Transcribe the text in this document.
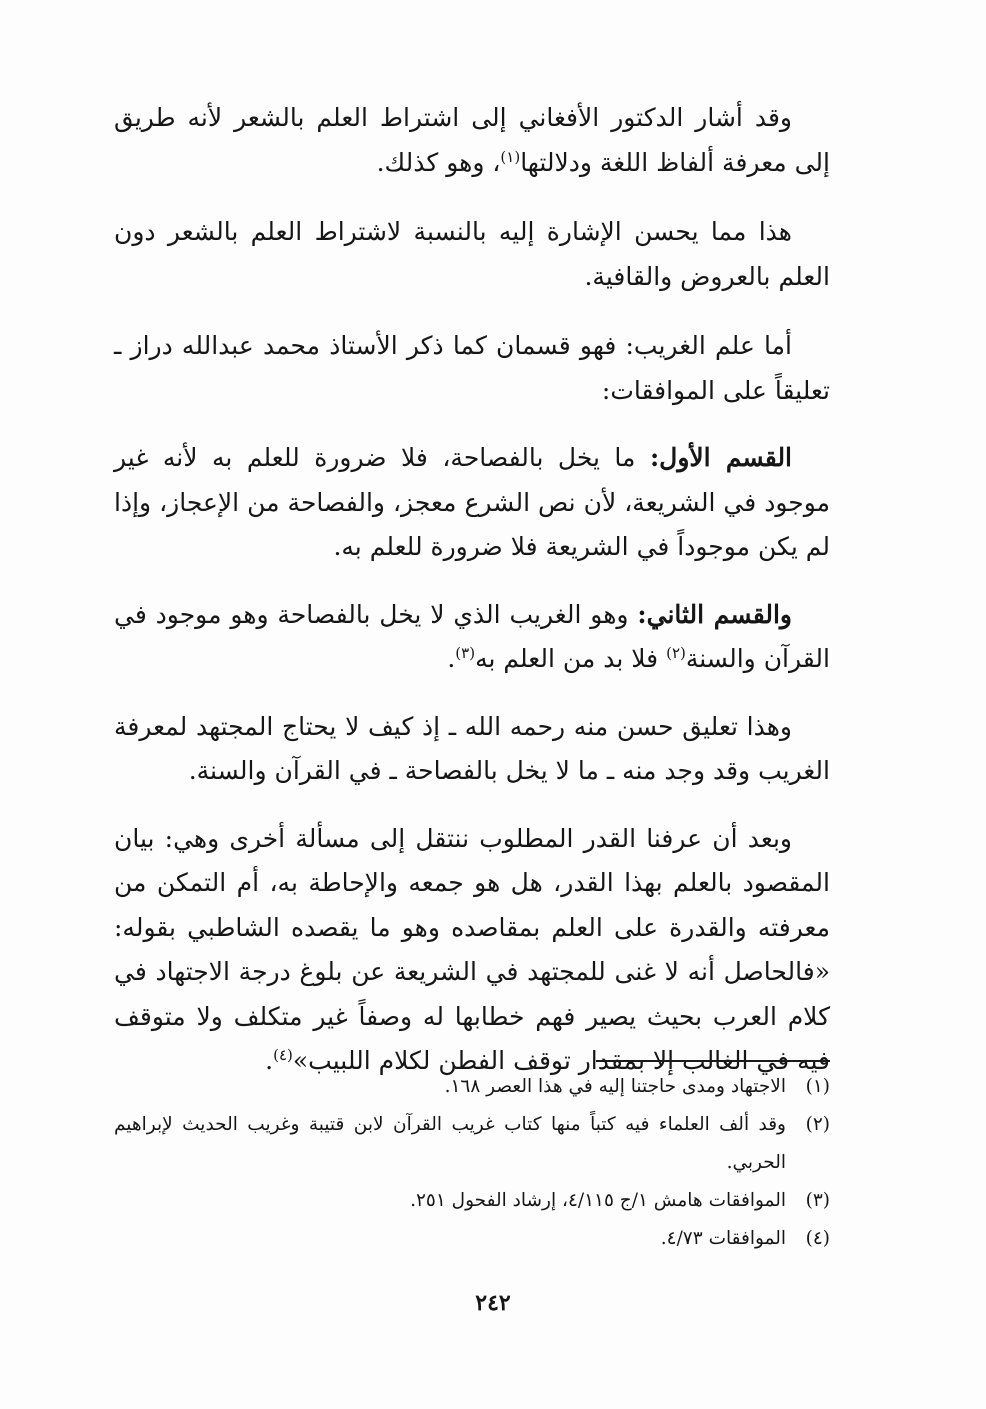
وقد أشار الدكتور الأفغاني إلى اشتراط العلم بالشعر لأنه طريق إلى معرفة ألفاظ اللغة ودلالتها$^{(١)}$، وهو كذلك.

هذا مما يحسن الإشارة إليه بالنسبة لاشتراط العلم بالشعر دون العلم بالعروض والقافية.

أما علم الغريب: فهو قسمان كما ذكر الأستاذ محمد عبدالله دراز ـ تعليقاً على الموافقات:

القسم الأول: ما يخل بالفصاحة، فلا ضرورة للعلم به لأنه غير موجود في الشريعة، لأن نص الشرع معجز، والفصاحة من الإعجاز، وإذا لم يكن موجوداً في الشريعة فلا ضرورة للعلم به.

والقسم الثاني: وهو الغريب الذي لا يخل بالفصاحة وهو موجود في القرآن والسنة$^{(٢)}$ فلا بد من العلم به$^{(٣)}$.

وهذا تعليق حسن منه رحمه الله ـ إذ كيف لا يحتاج المجتهد لمعرفة الغريب وقد وجد منه ـ ما لا يخل بالفصاحة ـ في القرآن والسنة.

وبعد أن عرفنا القدر المطلوب ننتقل إلى مسألة أخرى وهي: بيان المقصود بالعلم بهذا القدر، هل هو جمعه والإحاطة به، أم التمكن من معرفته والقدرة على العلم بمقاصده وهو ما يقصده الشاطبي بقوله: «فالحاصل أنه لا غنى للمجتهد في الشريعة عن بلوغ درجة الاجتهاد في كلام العرب بحيث يصير فهم خطابها له وصفاً غير متكلف ولا متوقف فيه في الغالب إلا بمقدار توقف الفطن لكلام اللبيب»$^{(٤)}$.

(١)
الاجتهاد ومدى حاجتنا إليه في هذا العصر ١٦٨.
(٢)
وقد ألف العلماء فيه كتباً منها كتاب غريب القرآن لابن قتيبة وغريب الحديث لإبراهيم الحربي.
(٣)
الموافقات هامش ١/ج ٤/١١٥، إرشاد الفحول ٢٥١.
(٤)
الموافقات ٤/٧٣.
٢٤٢
